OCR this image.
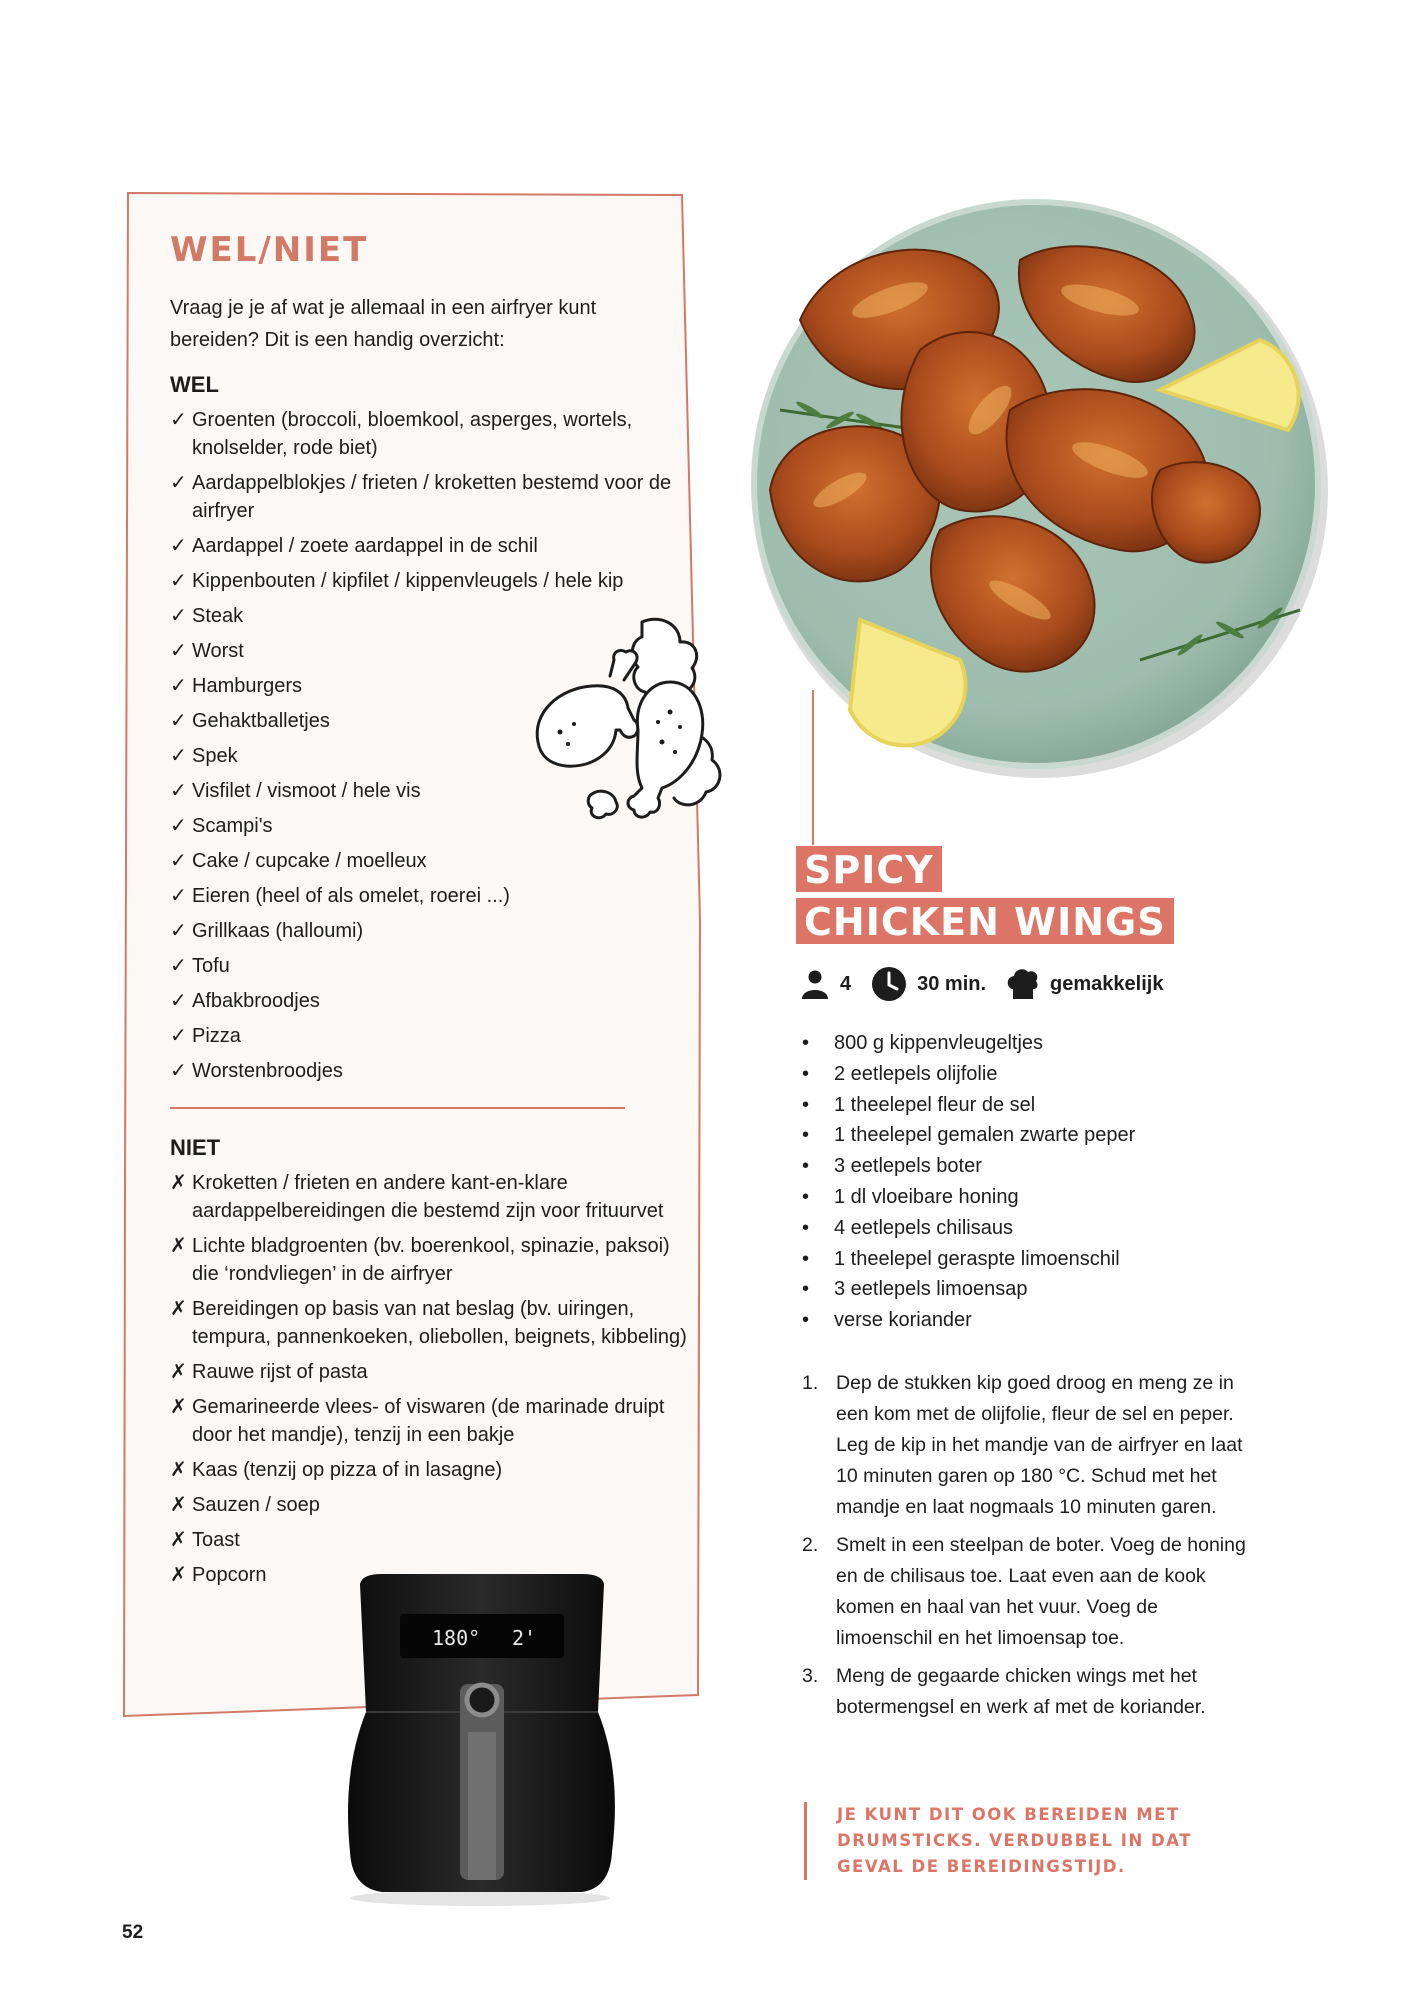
WEL/NIET

Vraag je je af wat je allemaal in een airfryer kunt bereiden? Dit is een handig overzicht:

WEL
✓ Groenten (broccoli, bloemkool, asperges, wortels, knolselder, rode biet)
✓ Aardappelblokjes / frieten / kroketten bestemd voor de airfryer
✓ Aardappel / zoete aardappel in de schil
✓ Kippenbouten / kipfilet / kippenvleugels / hele kip
✓ Steak
✓ Worst
✓ Hamburgers
✓ Gehaktballetjes
✓ Spek
✓ Visfilet / vismoot / hele vis
✓ Scampi's
✓ Cake / cupcake / moelleux
✓ Eieren (heel of als omelet, roerei ...)
✓ Grillkaas (halloumi)
✓ Tofu
✓ Afbakbroodjes
✓ Pizza
✓ Worstenbroodjes
NIET
✗ Kroketten / frieten en andere kant-en-klare aardappelbereidingen die bestemd zijn voor frituurvet
✗ Lichte bladgroenten (bv. boerenkool, spinazie, paksoi) die ‘rondvliegen’ in de airfryer
✗ Bereidingen op basis van nat beslag (bv. uiringen, tempura, pannenkoeken, oliebollen, beignets, kibbeling)
✗ Rauwe rijst of pasta
✗ Gemarineerde vlees- of viswaren (de marinade druipt door het mandje), tenzij in een bakje
✗ Kaas (tenzij op pizza of in lasagne)
✗ Sauzen / soep
✗ Toast
✗ Popcorn
180° 2'
SPICY
CHICKEN WINGS
4	30 min.	gemakkelijk
• 800 g kippenvleugeltjes
• 2 eetlepels olijfolie
• 1 theelepel fleur de sel
• 1 theelepel gemalen zwarte peper
• 3 eetlepels boter
• 1 dl vloeibare honing
• 4 eetlepels chilisaus
• 1 theelepel geraspte limoenschil
• 3 eetlepels limoensap
• verse koriander
1. Dep de stukken kip goed droog en meng ze in een kom met de olijfolie, fleur de sel en peper. Leg de kip in het mandje van de airfryer en laat 10 minuten garen op 180 °C. Schud met het mandje en laat nogmaals 10 minuten garen.
2. Smelt in een steelpan de boter. Voeg de honing en de chilisaus toe. Laat even aan de kook komen en haal van het vuur. Voeg de limoenschil en het limoensap toe.
3. Meng de gegaarde chicken wings met het botermengsel en werk af met de koriander.
JE KUNT DIT OOK BEREIDEN MET DRUMSTICKS. VERDUBBEL IN DAT GEVAL DE BEREIDINGSTIJD.
52
